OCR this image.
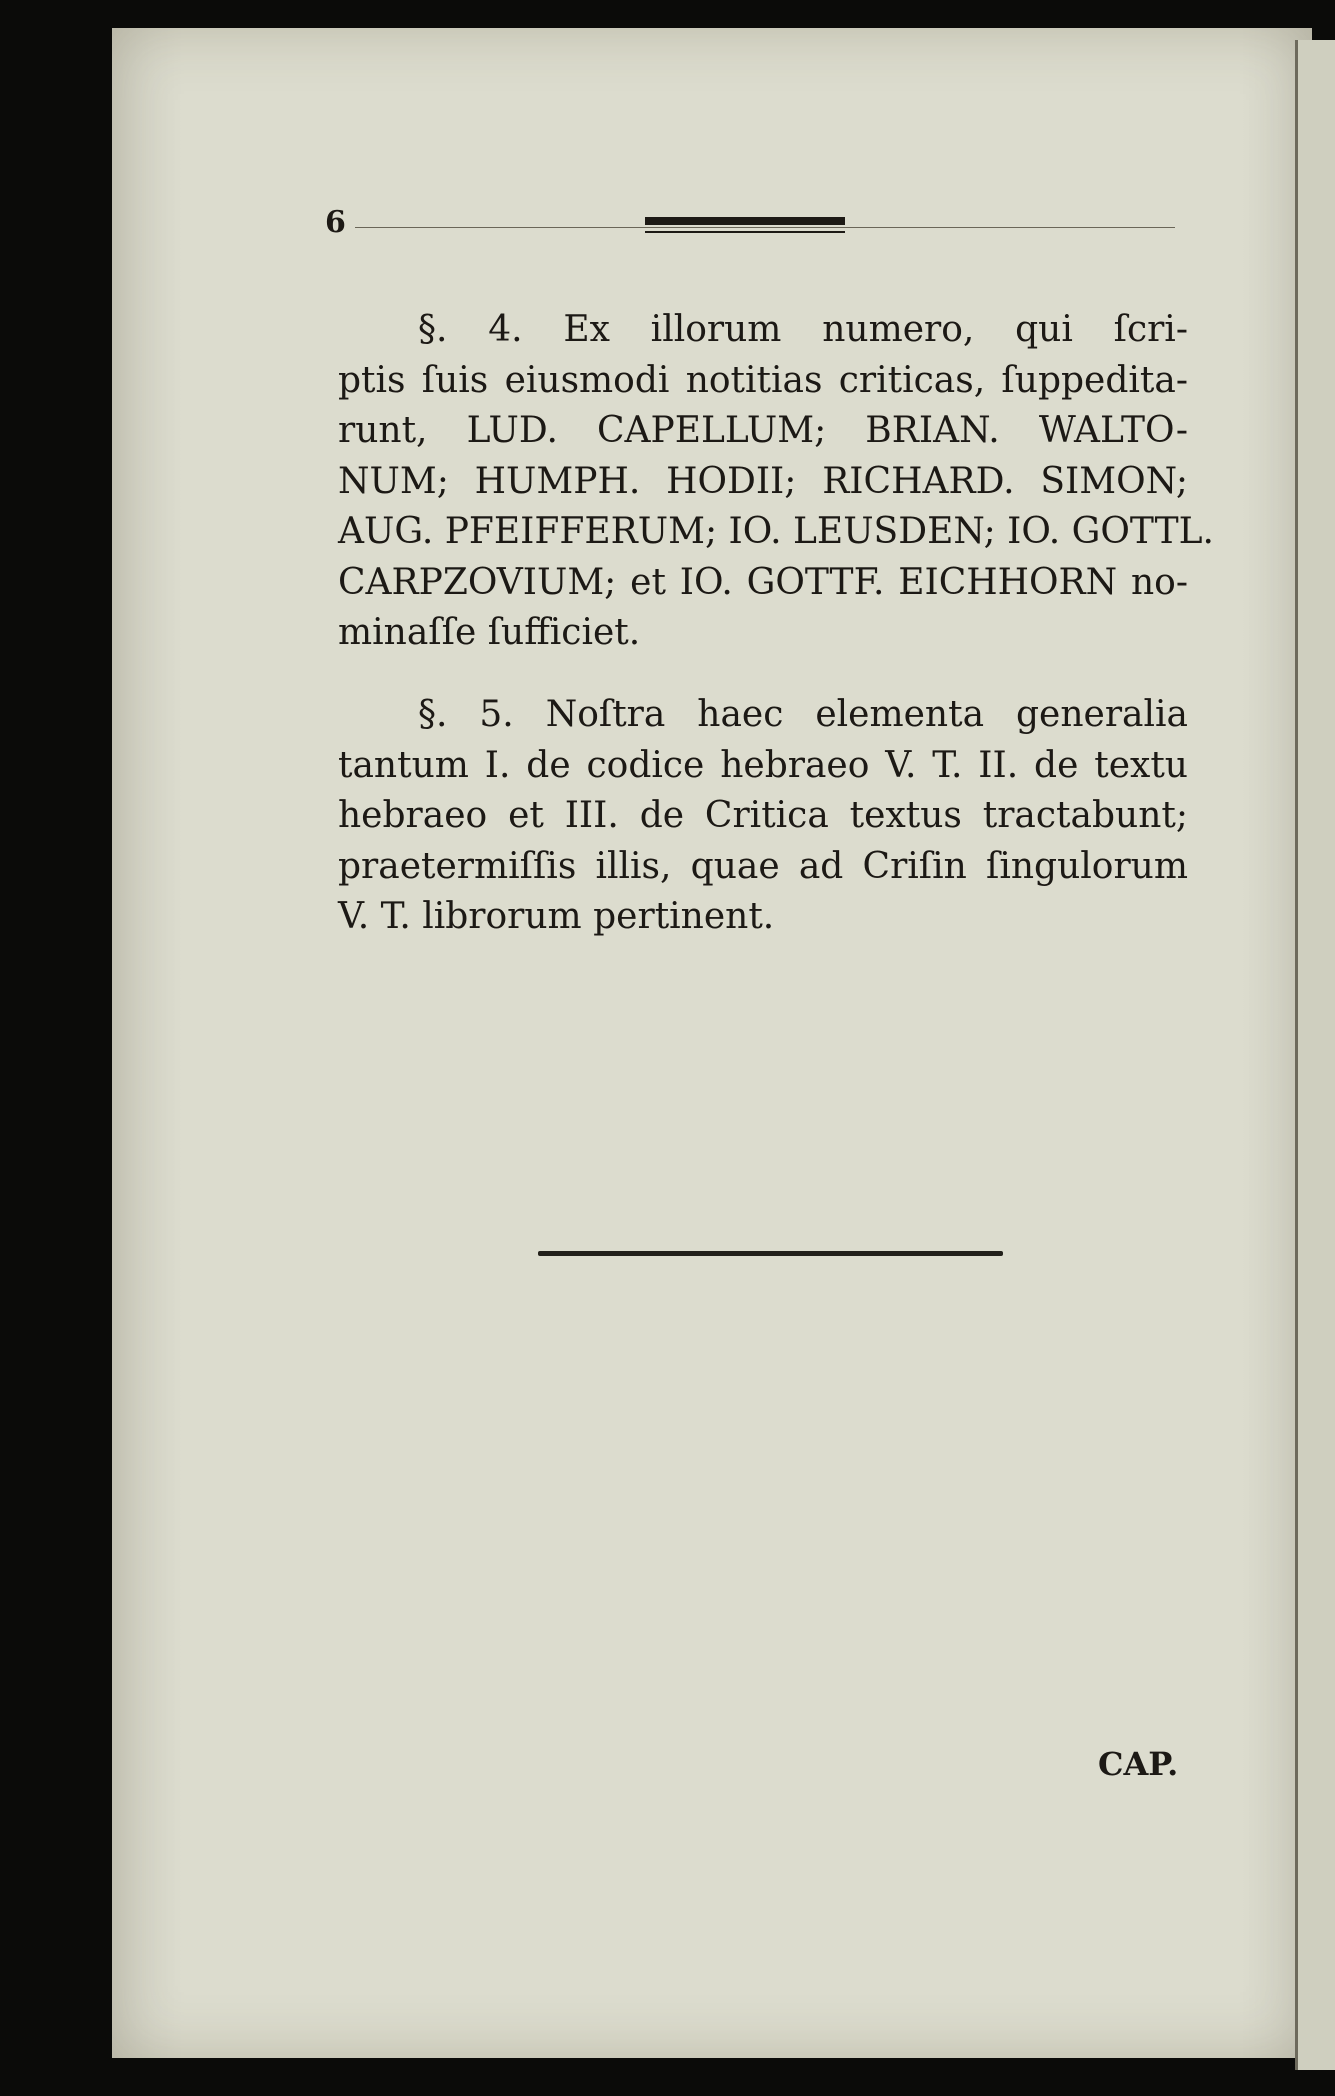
6
§. 4. Ex illorum numero, qui ſcri-
ptis ſuis eiusmodi notitias criticas, ſuppedita-
runt, LUD. CAPELLUM; BRIAN. WALTO-
NUM; HUMPH. HODII; RICHARD. SIMON;
AUG. PFEIFFERUM; IO. LEUSDEN; IO. GOTTL.
CARPZOVIUM; et IO. GOTTF. EICHHORN no-
minaſſe ſufficiet.
§. 5. Noſtra haec elementa generalia
tantum I. de codice hebraeo V. T. II. de textu
hebraeo et III. de Critica textus tractabunt;
praetermiſſis illis, quae ad Criſin ſingulorum
V. T. librorum pertinent.
CAP.
